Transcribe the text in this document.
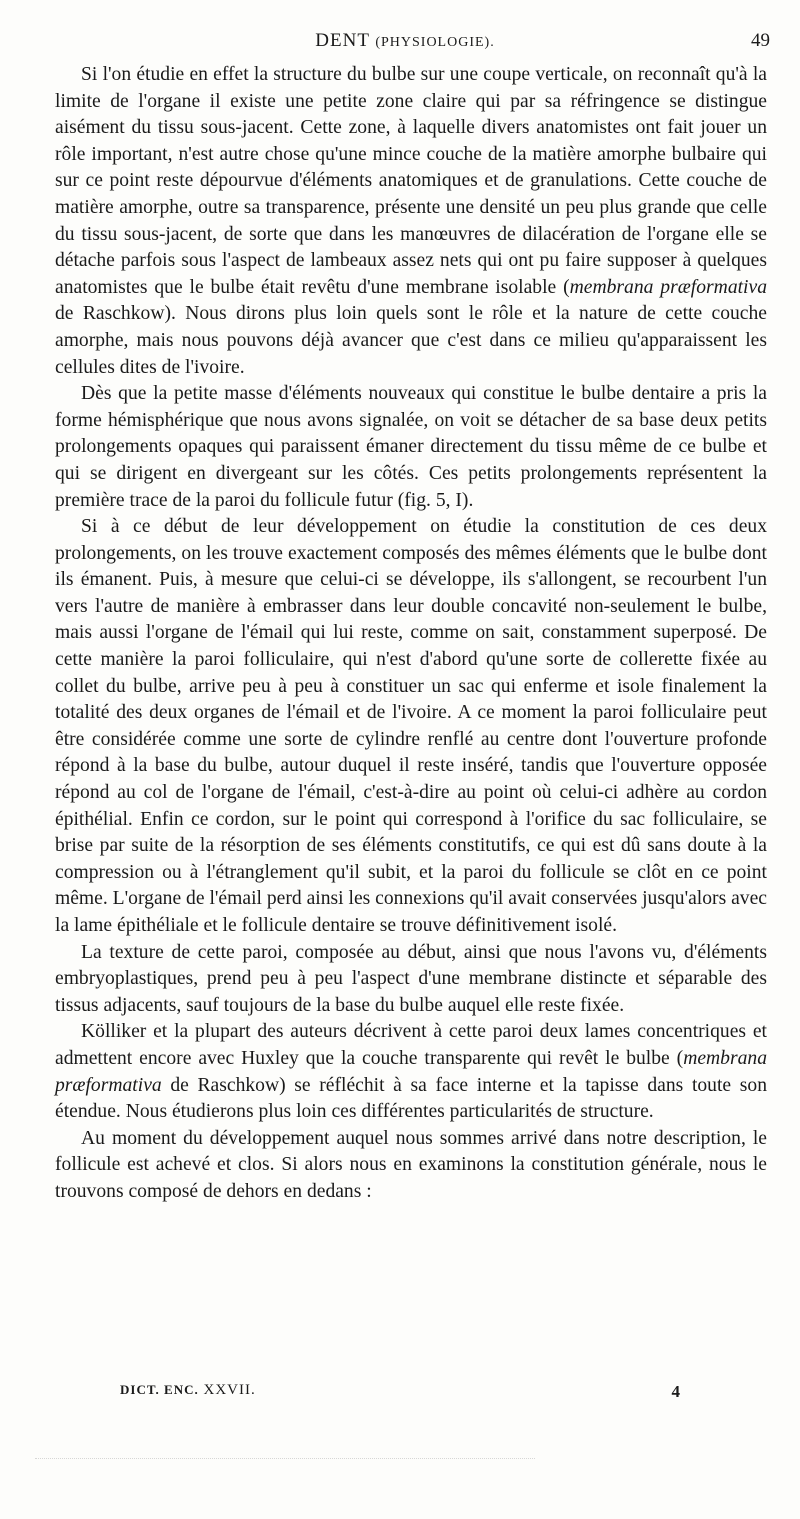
DENT (PHYSIOLOGIE).	49

Si l'on étudie en effet la structure du bulbe sur une coupe verticale, on reconnaît qu'à la limite de l'organe il existe une petite zone claire qui par sa réfringence se distingue aisément du tissu sous-jacent. Cette zone, à laquelle divers anatomistes ont fait jouer un rôle important, n'est autre chose qu'une mince couche de la matière amorphe bulbaire qui sur ce point reste dépourvue d'éléments anatomiques et de granulations. Cette couche de matière amorphe, outre sa transparence, présente une densité un peu plus grande que celle du tissu sous-jacent, de sorte que dans les manœuvres de dilacération de l'organe elle se détache parfois sous l'aspect de lambeaux assez nets qui ont pu faire supposer à quelques anatomistes que le bulbe était revêtu d'une membrane isolable (membrana præformativa de Raschkow). Nous dirons plus loin quels sont le rôle et la nature de cette couche amorphe, mais nous pouvons déjà avancer que c'est dans ce milieu qu'apparaissent les cellules dites de l'ivoire.

Dès que la petite masse d'éléments nouveaux qui constitue le bulbe dentaire a pris la forme hémisphérique que nous avons signalée, on voit se détacher de sa base deux petits prolongements opaques qui paraissent émaner directement du tissu même de ce bulbe et qui se dirigent en divergeant sur les côtés. Ces petits prolongements représentent la première trace de la paroi du follicule futur (fig. 5, I).

Si à ce début de leur développement on étudie la constitution de ces deux prolongements, on les trouve exactement composés des mêmes éléments que le bulbe dont ils émanent. Puis, à mesure que celui-ci se développe, ils s'allongent, se recourbent l'un vers l'autre de manière à embrasser dans leur double concavité non-seulement le bulbe, mais aussi l'organe de l'émail qui lui reste, comme on sait, constamment superposé. De cette manière la paroi folliculaire, qui n'est d'abord qu'une sorte de collerette fixée au collet du bulbe, arrive peu à peu à constituer un sac qui enferme et isole finalement la totalité des deux organes de l'émail et de l'ivoire. A ce moment la paroi folliculaire peut être considérée comme une sorte de cylindre renflé au centre dont l'ouverture profonde répond à la base du bulbe, autour duquel il reste inséré, tandis que l'ouverture opposée répond au col de l'organe de l'émail, c'est-à-dire au point où celui-ci adhère au cordon épithélial. Enfin ce cordon, sur le point qui correspond à l'orifice du sac folliculaire, se brise par suite de la résorption de ses éléments constitutifs, ce qui est dû sans doute à la compression ou à l'étranglement qu'il subit, et la paroi du follicule se clôt en ce point même. L'organe de l'émail perd ainsi les connexions qu'il avait conservées jusqu'alors avec la lame épithéliale et le follicule dentaire se trouve définitivement isolé.

La texture de cette paroi, composée au début, ainsi que nous l'avons vu, d'éléments embryoplastiques, prend peu à peu l'aspect d'une membrane distincte et séparable des tissus adjacents, sauf toujours de la base du bulbe auquel elle reste fixée.

Kölliker et la plupart des auteurs décrivent à cette paroi deux lames concentriques et admettent encore avec Huxley que la couche transparente qui revêt le bulbe (membrana præformativa de Raschkow) se réfléchit à sa face interne et la tapisse dans toute son étendue. Nous étudierons plus loin ces différentes particularités de structure.

Au moment du développement auquel nous sommes arrivé dans notre description, le follicule est achevé et clos. Si alors nous en examinons la constitution générale, nous le trouvons composé de dehors en dedans :

DICT. ENC. XXVII.	4
